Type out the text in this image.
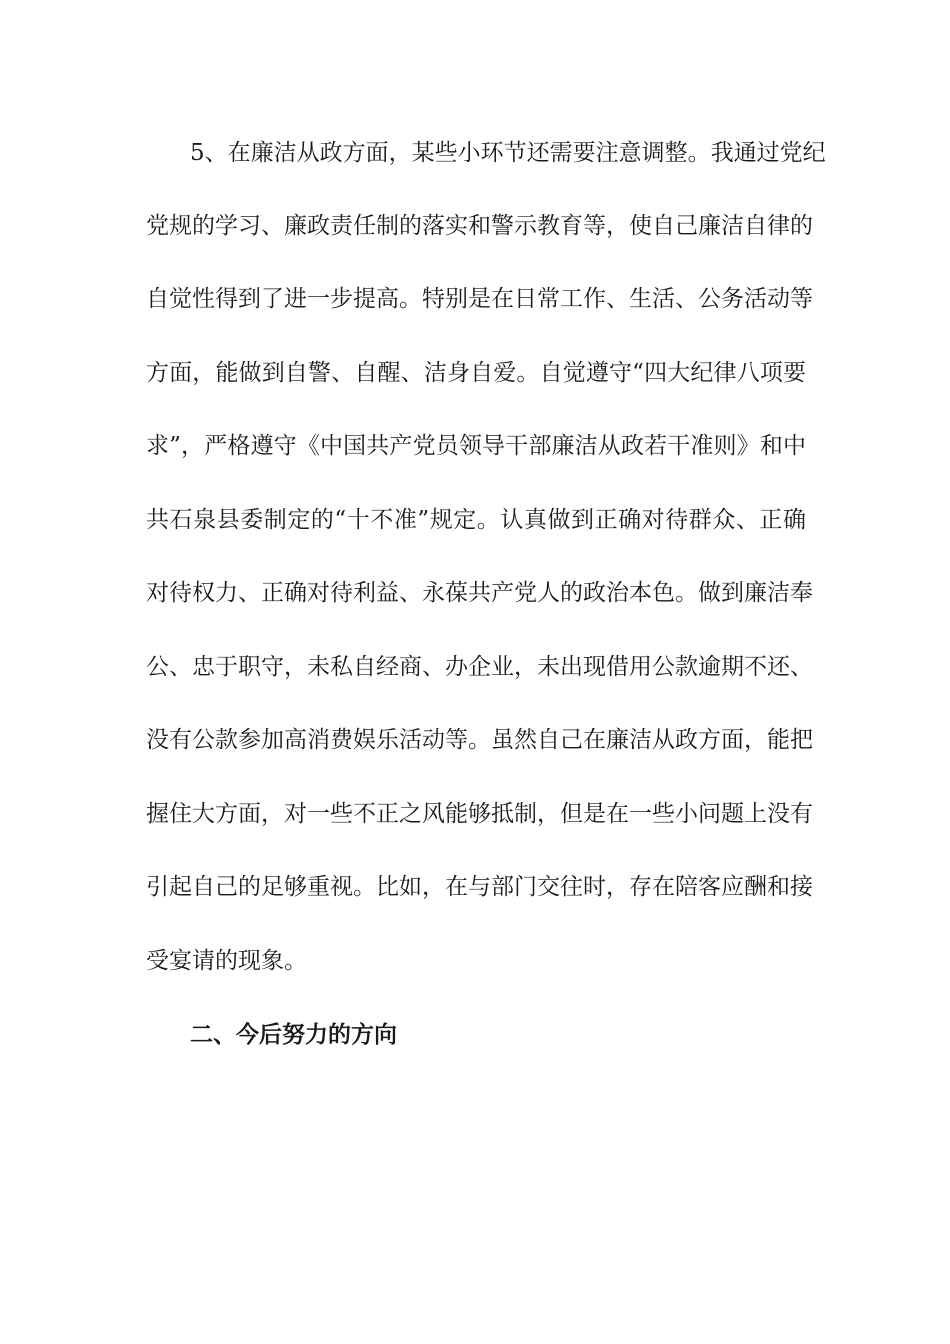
5、在廉洁从政方面，某些小环节还需要注意调整。我通过党纪
党规的学习、廉政责任制的落实和警示教育等，使自己廉洁自律的
自觉性得到了进一步提高。特别是在日常工作、生活、公务活动等
方面，能做到自警、自醒、洁身自爱。自觉遵守“四大纪律八项要
求”，严格遵守《中国共产党员领导干部廉洁从政若干准则》和中
共石泉县委制定的“十不准”规定。认真做到正确对待群众、正确
对待权力、正确对待利益、永葆共产党人的政治本色。做到廉洁奉
公、忠于职守，未私自经商、办企业，未出现借用公款逾期不还、
没有公款参加高消费娱乐活动等。虽然自己在廉洁从政方面，能把
握住大方面，对一些不正之风能够抵制，但是在一些小问题上没有
引起自己的足够重视。比如，在与部门交往时，存在陪客应酬和接
受宴请的现象。
二、今后努力的方向
